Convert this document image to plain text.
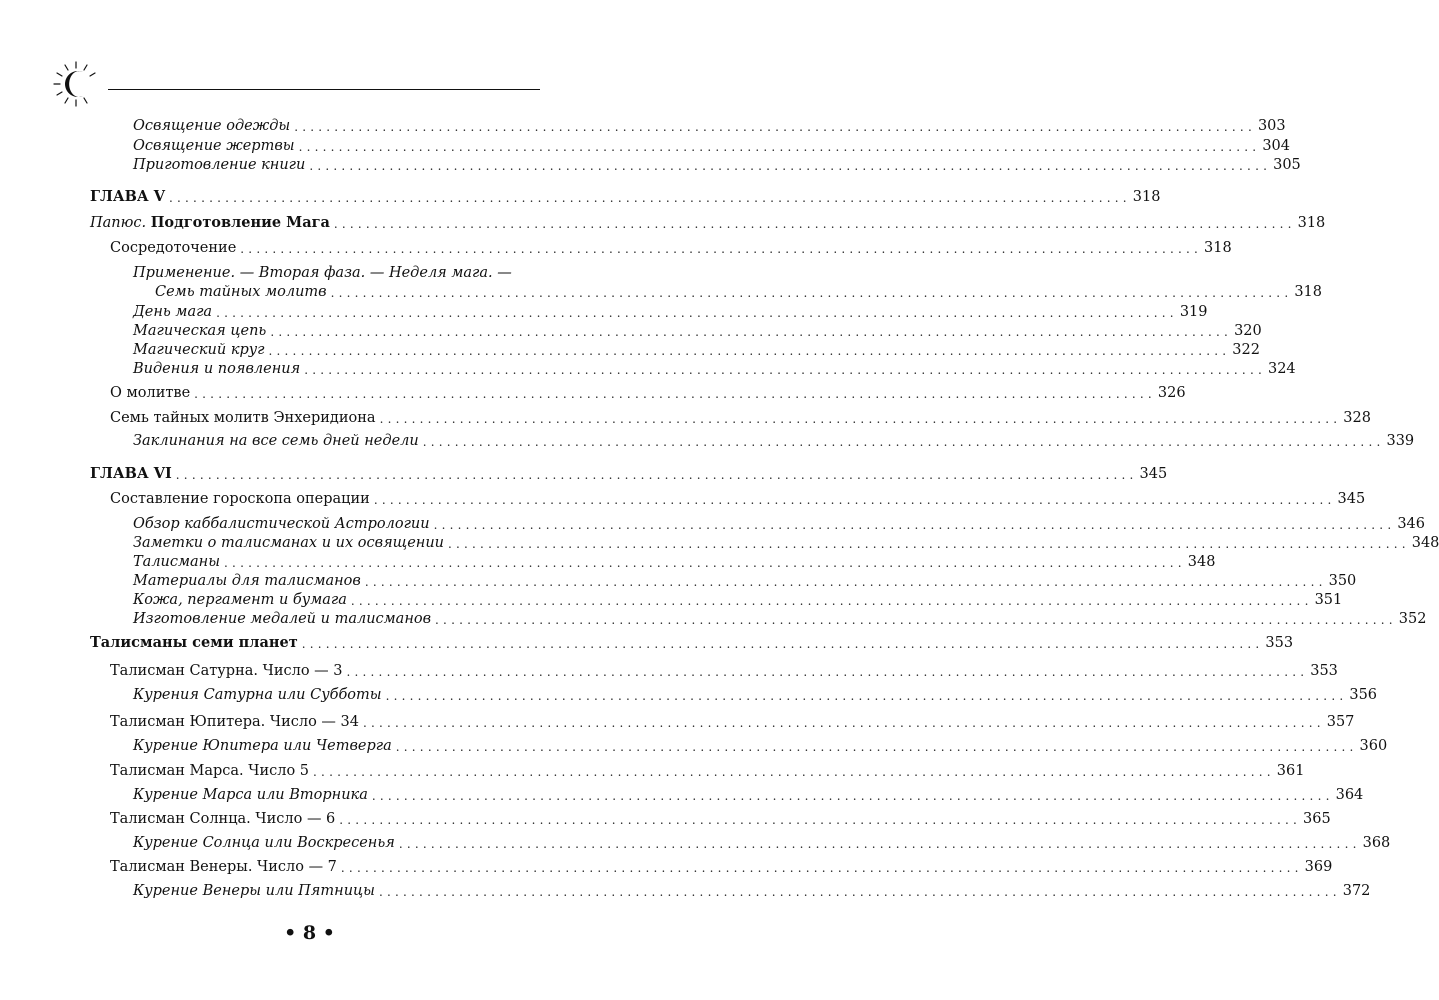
Освящение одежды ........................................................................................................................ 303
Освящение жертвы ........................................................................................................................ 304
Приготовление книги ........................................................................................................................ 305
ГЛАВА V ........................................................................................................................ 318
Папюс. Подготовление Мага ........................................................................................................................ 318
Сосредоточение ........................................................................................................................ 318
Применение. — Вторая фаза. — Неделя мага. —
Семь тайных молитв ........................................................................................................................ 318
День мага ........................................................................................................................ 319
Магическая цепь ........................................................................................................................ 320
Магический круг ........................................................................................................................ 322
Видения и появления ........................................................................................................................ 324
О молитве ........................................................................................................................ 326
Семь тайных молитв Энхеридиона ........................................................................................................................ 328
Заклинания на все семь дней недели ........................................................................................................................ 339
ГЛАВА VI ........................................................................................................................ 345
Составление гороскопа операции ........................................................................................................................ 345
Обзор каббалистической Астрологии ........................................................................................................................ 346
Заметки о талисманах и их освящении ........................................................................................................................ 348
Талисманы ........................................................................................................................ 348
Материалы для талисманов ........................................................................................................................ 350
Кожа, пергамент и бумага ........................................................................................................................ 351
Изготовление медалей и талисманов ........................................................................................................................ 352
Талисманы семи планет ........................................................................................................................ 353
Талисман Сатурна. Число — 3 ........................................................................................................................ 353
Курения Сатурна или Субботы ........................................................................................................................ 356
Талисман Юпитера. Число — 34 ........................................................................................................................ 357
Курение Юпитера или Четверга ........................................................................................................................ 360
Талисман Марса. Число 5 ........................................................................................................................ 361
Курение Марса или Вторника ........................................................................................................................ 364
Талисман Солнца. Число — 6 ........................................................................................................................ 365
Курение Солнца или Воскресенья ........................................................................................................................ 368
Талисман Венеры. Число — 7 ........................................................................................................................ 369
Курение Венеры или Пятницы ........................................................................................................................ 372
• 8 •
